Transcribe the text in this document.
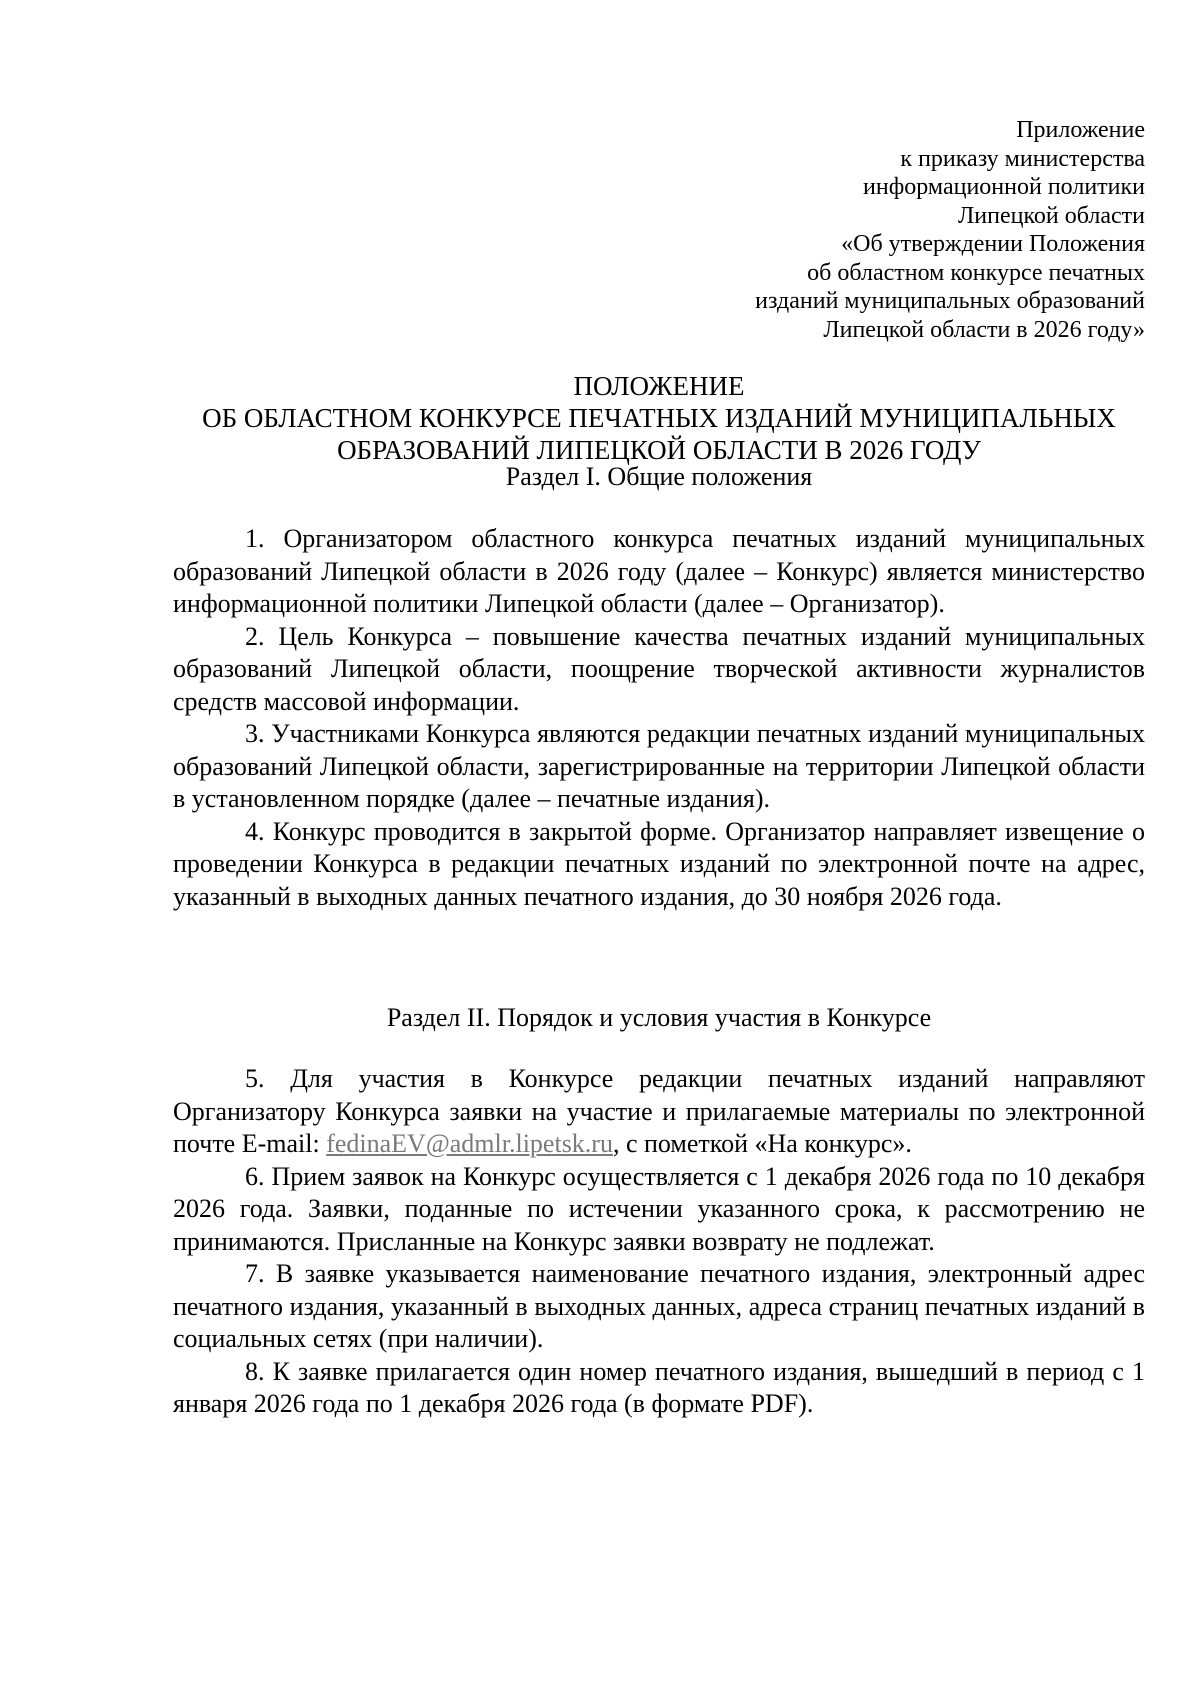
Приложение
к приказу министерства
информационной политики
Липецкой области
«Об утверждении Положения
об областном конкурсе печатных
изданий муниципальных образований
Липецкой области в 2026 году»
ПОЛОЖЕНИЕ
ОБ ОБЛАСТНОМ КОНКУРСЕ ПЕЧАТНЫХ ИЗДАНИЙ МУНИЦИПАЛЬНЫХ
ОБРАЗОВАНИЙ ЛИПЕЦКОЙ ОБЛАСТИ В 2026 ГОДУ
Раздел I. Общие положения

1. Организатором областного конкурса печатных изданий муниципальных образований Липецкой области в 2026 году (далее – Конкурс) является министерство информационной политики Липецкой области (далее – Организатор).

2. Цель Конкурса – повышение качества печатных изданий муниципальных образований Липецкой области, поощрение творческой активности журналистов средств массовой информации.

3. Участниками Конкурса являются редакции печатных изданий муниципальных образований Липецкой области, зарегистрированные на территории Липецкой области в установленном порядке (далее – печатные издания).

4. Конкурс проводится в закрытой форме. Организатор направляет извещение о проведении Конкурса в редакции печатных изданий по электронной почте на адрес, указанный в выходных данных печатного издания, до 30 ноября 2026 года.

Раздел II. Порядок и условия участия в Конкурсе

5. Для участия в Конкурсе редакции печатных изданий направляют Организатору Конкурса заявки на участие и прилагаемые материалы по электронной почте E-mail: fedinaEV@admlr.lipetsk.ru, с пометкой «На конкурс».

6. Прием заявок на Конкурс осуществляется с 1 декабря 2026 года по 10 декабря 2026 года. Заявки, поданные по истечении указанного срока, к рассмотрению не принимаются. Присланные на Конкурс заявки возврату не подлежат.

7. В заявке указывается наименование печатного издания, электронный адрес печатного издания, указанный в выходных данных, адреса страниц печатных изданий в социальных сетях (при наличии).

8. К заявке прилагается один номер печатного издания, вышедший в период с 1 января 2026 года по 1 декабря 2026 года (в формате PDF).
